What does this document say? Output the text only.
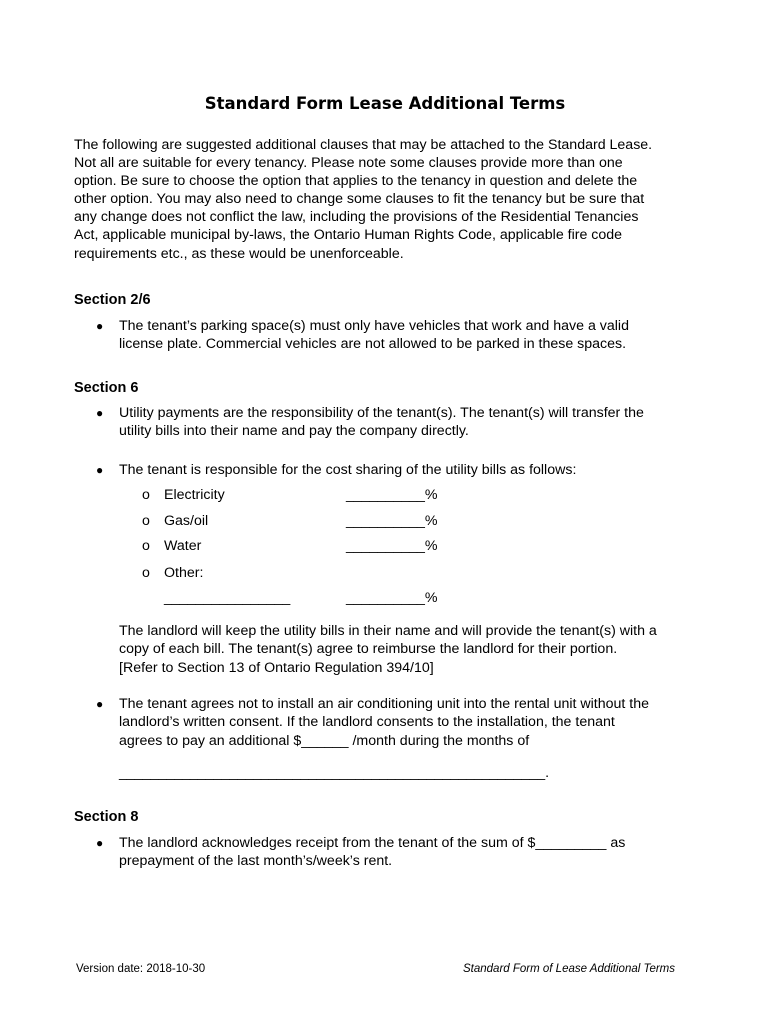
Standard Form Lease Additional Terms

The following are suggested additional clauses that may be attached to the Standard Lease.
Not all are suitable for every tenancy. Please note some clauses provide more than one
option. Be sure to choose the option that applies to the tenancy in question and delete the
other option. You may also need to change some clauses to fit the tenancy but be sure that
any change does not conflict the law, including the provisions of the Residential Tenancies
Act, applicable municipal by-laws, the Ontario Human Rights Code, applicable fire code
requirements etc., as these would be unenforceable.

Section 2/6
● The tenant’s parking space(s) must only have vehicles that work and have a valid
license plate. Commercial vehicles are not allowed to be parked in these spaces.
Section 6
● Utility payments are the responsibility of the tenant(s). The tenant(s) will transfer the
utility bills into their name and pay the company directly.
● The tenant is responsible for the cost sharing of the utility bills as follows:
o Electricity	__________%
o Gas/oil	__________%
o Water	__________%
o Other:
________________	__________%
The landlord will keep the utility bills in their name and will provide the tenant(s) with a
copy of each bill. The tenant(s) agree to reimburse the landlord for their portion.
[Refer to Section 13 of Ontario Regulation 394/10]
● The tenant agrees not to install an air conditioning unit into the rental unit without the
landlord’s written consent. If the landlord consents to the installation, the tenant
agrees to pay an additional $______ /month during the months of
______________________________________________________.
Section 8
● The landlord acknowledges receipt from the tenant of the sum of $_________ as
prepayment of the last month’s/week’s rent.
Version date: 2018-10-30	Standard Form of Lease Additional Terms
